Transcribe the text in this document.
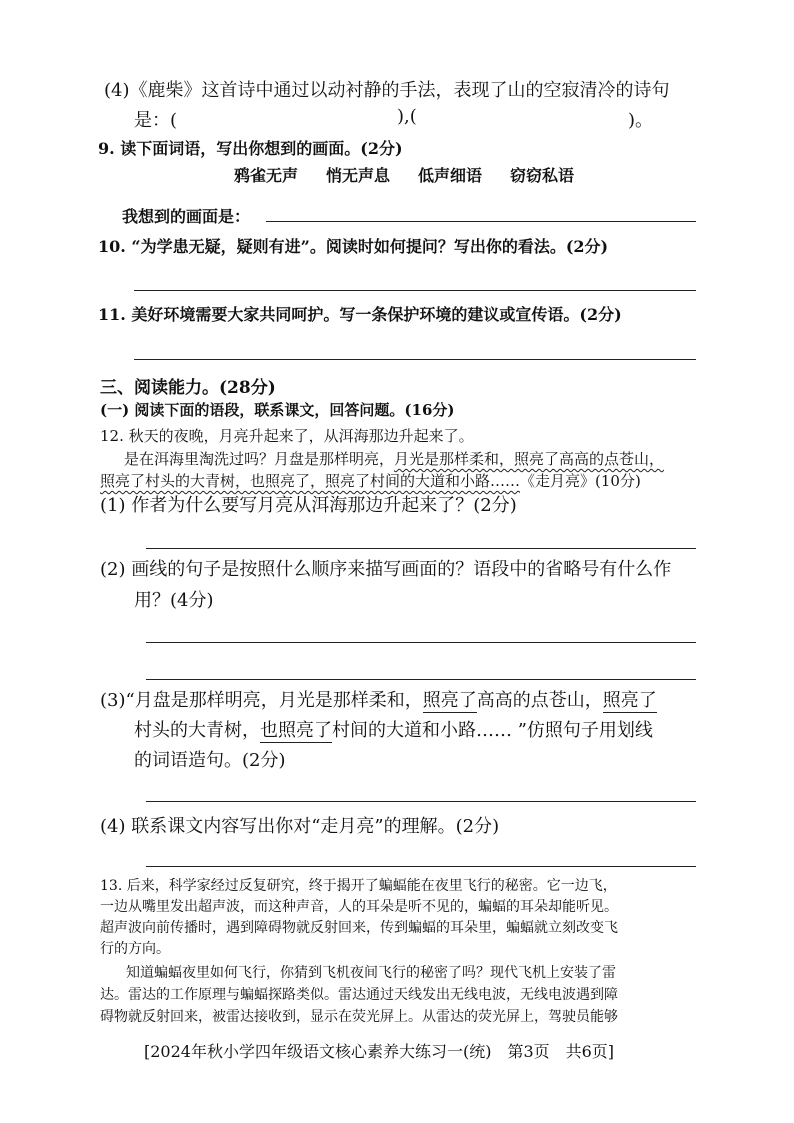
(4)《鹿柴》这首诗中通过以动衬静的手法，表现了山的空寂清冷的诗句
是：(	),(	)。
9. 读下面词语，写出你想到的画面。(2分)
鸦雀无声 悄无声息 低声细语 窃窃私语
我想到的画面是：
10. “为学患无疑，疑则有进”。阅读时如何提问？写出你的看法。(2分)
11. 美好环境需要大家共同呵护。写一条保护环境的建议或宣传语。(2分)
三、阅读能力。(28分)
(一) 阅读下面的语段，联系课文，回答问题。(16分)
12. 秋天的夜晚，月亮升起来了，从洱海那边升起来了。
是在洱海里淘洗过吗？月盘是那样明亮，月光是那样柔和，照亮了高高的点苍山，
照亮了村头的大青树，也照亮了，照亮了村间的大道和小路……《走月亮》(10分)
(1) 作者为什么要写月亮从洱海那边升起来了？(2分)
(2) 画线的句子是按照什么顺序来描写画面的？语段中的省略号有什么作
用？(4分)
(3)“月盘是那样明亮，月光是那样柔和，照亮了高高的点苍山，照亮了
村头的大青树，也照亮了村间的大道和小路…… ”仿照句子用划线
的词语造句。(2分)
(4) 联系课文内容写出你对“走月亮”的理解。(2分)
13. 后来，科学家经过反复研究，终于揭开了蝙蝠能在夜里飞行的秘密。它一边飞，
一边从嘴里发出超声波，而这种声音，人的耳朵是听不见的，蝙蝠的耳朵却能听见。
超声波向前传播时，遇到障碍物就反射回来，传到蝙蝠的耳朵里，蝙蝠就立刻改变飞
行的方向。
知道蝙蝠夜里如何飞行，你猜到飞机夜间飞行的秘密了吗？现代飞机上安装了雷
达。雷达的工作原理与蝙蝠探路类似。雷达通过天线发出无线电波，无线电波遇到障
碍物就反射回来，被雷达接收到，显示在荧光屏上。从雷达的荧光屏上，驾驶员能够
[2024年秋小学四年级语文核心素养大练习一(统)　第3页　共6页]
